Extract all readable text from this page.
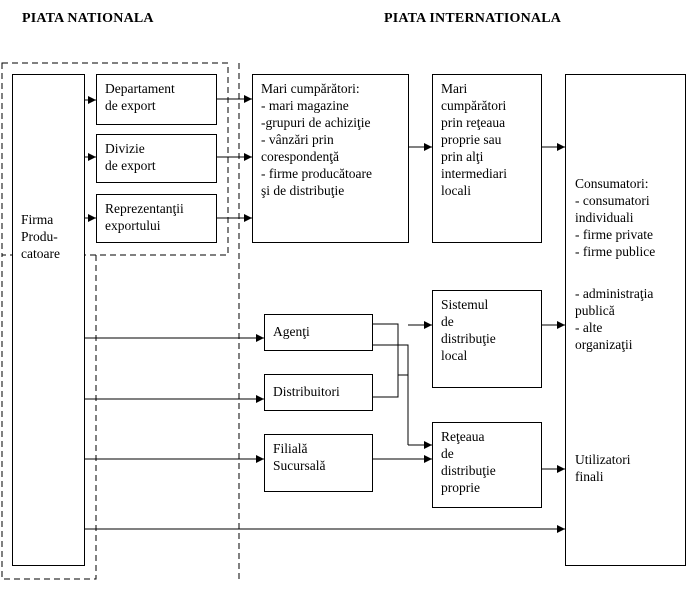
PIATA NATIONALA	PIATA INTERNATIONALA
Firma
Produ-
catoare
Departament
de export
Divizie
de export
Reprezentanţii
exportului
Mari cumpărători:
- mari magazine
-grupuri de achiziţie
- vânzări prin
corespondenţă
- firme producătoare
şi de distribuţie
Mari
cumpărători
prin reţeaua
proprie sau
prin alţi
intermediari
locali
Agenţi
Distribuitori
Filială
Sucursală
Sistemul
de
distribuţie
local
Reţeaua
de
distribuţie
proprie

Consumatori:
- consumatori
individuali
- firme private
- firme publice

- administraţia
publică
- alte
organizaţii

Utilizatori
finali
